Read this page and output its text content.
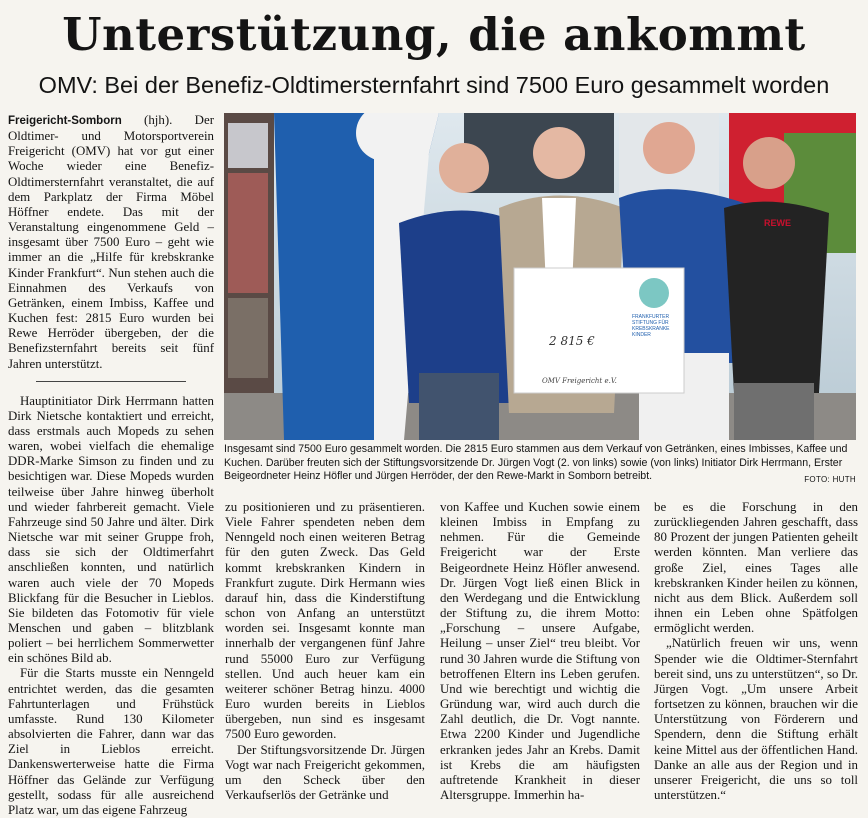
Unterstützung, die ankommt
OMV: Bei der Benefiz-Oldtimersternfahrt sind 7500 Euro gesammelt worden

Freigericht-Somborn (hjh). Der Oldtimer- und Motorsportverein Freigericht (OMV) hat vor gut einer Woche wieder eine Benefiz-Oldtimersternfahrt veranstaltet, die auf dem Parkplatz der Firma Möbel Höffner endete. Das mit der Veranstaltung eingenommene Geld – insgesamt über 7500 Euro – geht wie immer an die „Hilfe für krebskranke Kinder Frankfurt“. Nun stehen auch die Einnahmen des Verkaufs von Getränken, einem Imbiss, Kaffee und Kuchen fest: 2815 Euro wurden bei Rewe Herröder übergeben, der die Benefizsternfahrt bereits seit fünf Jahren unterstützt.

Hauptinitiator Dirk Herrmann hatten Dirk Nietsche kontaktiert und erreicht, dass erstmals auch Mopeds zu sehen waren, wobei vielfach die ehemalige DDR-Marke Simson zu finden und zu besichtigen war. Diese Mopeds wurden teilweise über Jahre hinweg überholt und wieder fahrbereit gemacht. Viele Fahrzeuge sind 50 Jahre und älter. Dirk Nietsche war mit seiner Gruppe froh, dass sie sich der Oldtimerfahrt anschließen konnten, und natürlich waren auch viele der 70 Mopeds Blickfang für die Besucher in Lieblos. Sie bildeten das Fotomotiv für viele Menschen und gaben – blitzblank poliert – bei herrlichem Sommerwetter ein schönes Bild ab.

Für die Starts musste ein Nenngeld entrichtet werden, das die gesamten Fahrtunterlagen und Frühstück umfasste. Rund 130 Kilometer absolvierten die Fahrer, dann war das Ziel in Lieblos erreicht. Dankenswerterweise hatte die Firma Höffner das Gelände zur Verfügung gestellt, sodass für alle ausreichend Platz war, um das eigene Fahrzeug

REWE
FRANKFURTER
STIFTUNG FÜR
KREBSKRANKE
KINDER
2 815 €
OMV Freigericht e.V.
Insgesamt sind 7500 Euro gesammelt worden. Die 2815 Euro stammen aus dem Verkauf von Getränken, eines Imbisses, Kaffee und Kuchen. Darüber freuten sich der Stiftungsvorsitzende Dr. Jürgen Vogt (2. von links) sowie (von links) Initiator Dirk Herrmann, Erster Beigeordneter Heinz Höfler und Jürgen Herröder, der den Rewe-Markt in Somborn betreibt.	FOTO: HUTH

zu positionieren und zu präsentieren. Viele Fahrer spendeten neben dem Nenngeld noch einen weiteren Betrag für den guten Zweck. Das Geld kommt krebskranken Kindern in Frankfurt zugute. Dirk Hermann wies darauf hin, dass die Kinderstiftung schon von Anfang an unterstützt worden sei. Insgesamt konnte man innerhalb der vergangenen fünf Jahre rund 55000 Euro zur Verfügung stellen. Und auch heuer kam ein weiterer schöner Betrag hinzu. 4000 Euro wurden bereits in Lieblos übergeben, nun sind es insgesamt 7500 Euro geworden.

Der Stiftungsvorsitzende Dr. Jürgen Vogt war nach Freigericht gekommen, um den Scheck über den Verkaufserlös der Getränke und

von Kaffee und Kuchen sowie einem kleinen Imbiss in Empfang zu nehmen. Für die Gemeinde Freigericht war der Erste Beigeordnete Heinz Höfler anwesend. Dr. Jürgen Vogt ließ einen Blick in den Werdegang und die Entwicklung der Stiftung zu, die ihrem Motto: „Forschung – unsere Aufgabe, Heilung – unser Ziel“ treu bleibt. Vor rund 30 Jahren wurde die Stiftung von betroffenen Eltern ins Leben gerufen. Und wie berechtigt und wichtig die Gründung war, wird auch durch die Zahl deutlich, die Dr. Vogt nannte. Etwa 2200 Kinder und Jugendliche erkranken jedes Jahr an Krebs. Damit ist Krebs die am häufigsten auftretende Krankheit in dieser Altersgruppe. Immerhin ha-

be es die Forschung in den zurückliegenden Jahren geschafft, dass 80 Prozent der jungen Patienten geheilt werden könnten. Man verliere das große Ziel, eines Tages alle krebskranken Kinder heilen zu können, nicht aus dem Blick. Außerdem soll ihnen ein Leben ohne Spätfolgen ermöglicht werden.

„Natürlich freuen wir uns, wenn Spender wie die Oldtimer-Sternfahrt bereit sind, uns zu unterstützen“, so Dr. Jürgen Vogt. „Um unsere Arbeit fortsetzen zu können, brauchen wir die Unterstützung von Förderern und Spendern, denn die Stiftung erhält keine Mittel aus der öffentlichen Hand. Danke an alle aus der Region und in unserer Freigericht, die uns so toll unterstützen.“
